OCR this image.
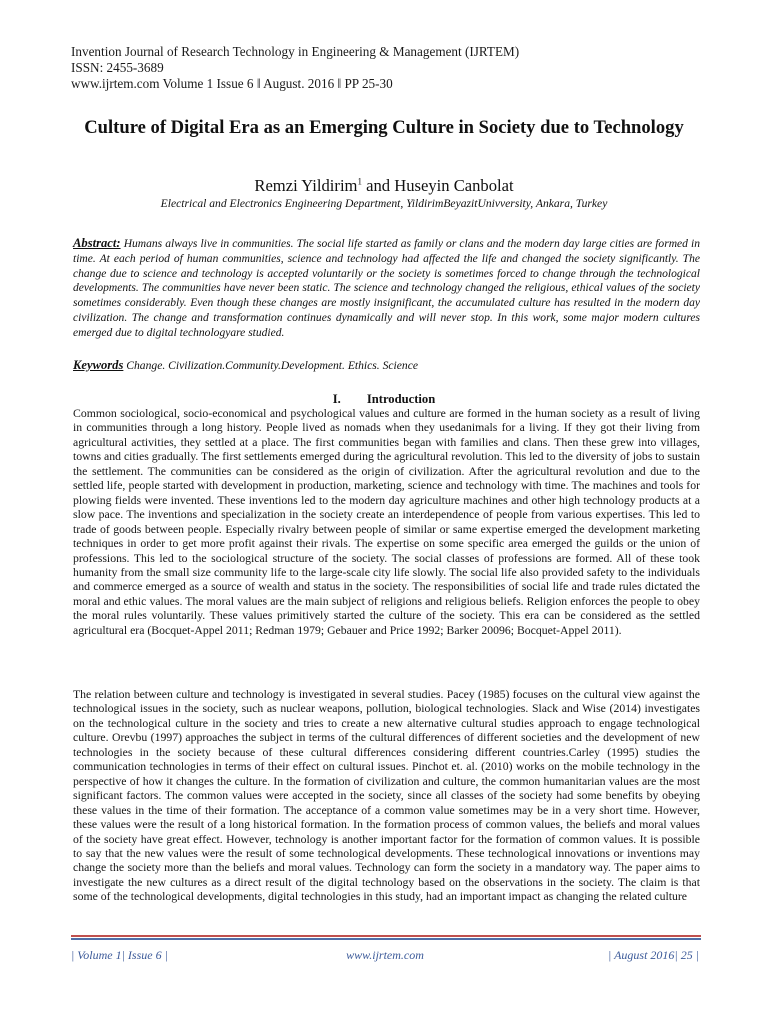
Invention Journal of Research Technology in Engineering & Management (IJRTEM)
ISSN: 2455-3689
www.ijrtem.com Volume 1 Issue 6 ǁ August. 2016 ǁ PP 25-30
Culture of Digital Era as an Emerging Culture in Society due to Technology
Remzi Yildirim$^1$ and Huseyin Canbolat
Electrical and Electronics Engineering Department, YildirimBeyazitUnivversity, Ankara, Turkey
Abstract: Humans always live in communities. The social life started as family or clans and the modern day large cities are formed in time. At each period of human communities, science and technology had affected the life and changed the society significantly. The change due to science and technology is accepted voluntarily or the society is sometimes forced to change through the technological developments. The communities have never been static. The science and technology changed the religious, ethical values of the society sometimes considerably. Even though these changes are mostly insignificant, the accumulated culture has resulted in the modern day civilization. The change and transformation continues dynamically and will never stop. In this work, some major modern cultures emerged due to digital technologyare studied.
Keywords Change. Civilization.Community.Development. Ethics. Science
I. Introduction
Common sociological, socio-economical and psychological values and culture are formed in the human society as a result of living in communities through a long history. People lived as nomads when they usedanimals for a living. If they got their living from agricultural activities, they settled at a place. The first communities began with families and clans. Then these grew into villages, towns and cities gradually. The first settlements emerged during the agricultural revolution. This led to the diversity of jobs to sustain the settlement. The communities can be considered as the origin of civilization. After the agricultural revolution and due to the settled life, people started with development in production, marketing, science and technology with time. The machines and tools for plowing fields were invented. These inventions led to the modern day agriculture machines and other high technology products at a slow pace. The inventions and specialization in the society create an interdependence of people from various expertises. This led to trade of goods between people. Especially rivalry between people of similar or same expertise emerged the development marketing techniques in order to get more profit against their rivals. The expertise on some specific area emerged the guilds or the union of professions. This led to the sociological structure of the society. The social classes of professions are formed. All of these took humanity from the small size community life to the large-scale city life slowly. The social life also provided safety to the individuals and commerce emerged as a source of wealth and status in the society. The responsibilities of social life and trade rules dictated the moral and ethic values. The moral values are the main subject of religions and religious beliefs. Religion enforces the people to obey the moral rules voluntarily. These values primitively started the culture of the society. This era can be considered as the settled agricultural era (Bocquet-Appel 2011; Redman 1979; Gebauer and Price 1992; Barker 20096; Bocquet-Appel 2011).
The relation between culture and technology is investigated in several studies. Pacey (1985) focuses on the cultural view against the technological issues in the society, such as nuclear weapons, pollution, biological technologies. Slack and Wise (2014) investigates on the technological culture in the society and tries to create a new alternative cultural studies approach to engage technological culture. Orevbu (1997) approaches the subject in terms of the cultural differences of different societies and the development of new technologies in the society because of these cultural differences considering different countries.Carley (1995) studies the communication technologies in terms of their effect on cultural issues. Pinchot et. al. (2010) works on the mobile technology in the perspective of how it changes the culture. In the formation of civilization and culture, the common humanitarian values are the most significant factors. The common values were accepted in the society, since all classes of the society had some benefits by obeying these values in the time of their formation. The acceptance of a common value sometimes may be in a very short time. However, these values were the result of a long historical formation. In the formation process of common values, the beliefs and moral values of the society have great effect. However, technology is another important factor for the formation of common values. It is possible to say that the new values were the result of some technological developments. These technological innovations or inventions may change the society more than the beliefs and moral values. Technology can form the society in a mandatory way. The paper aims to investigate the new cultures as a direct result of the digital technology based on the observations in the society. The claim is that some of the technological developments, digital technologies in this study, had an important impact as changing the related culture
| Volume 1| Issue 6 |	www.ijrtem.com	| August 2016| 25 |
